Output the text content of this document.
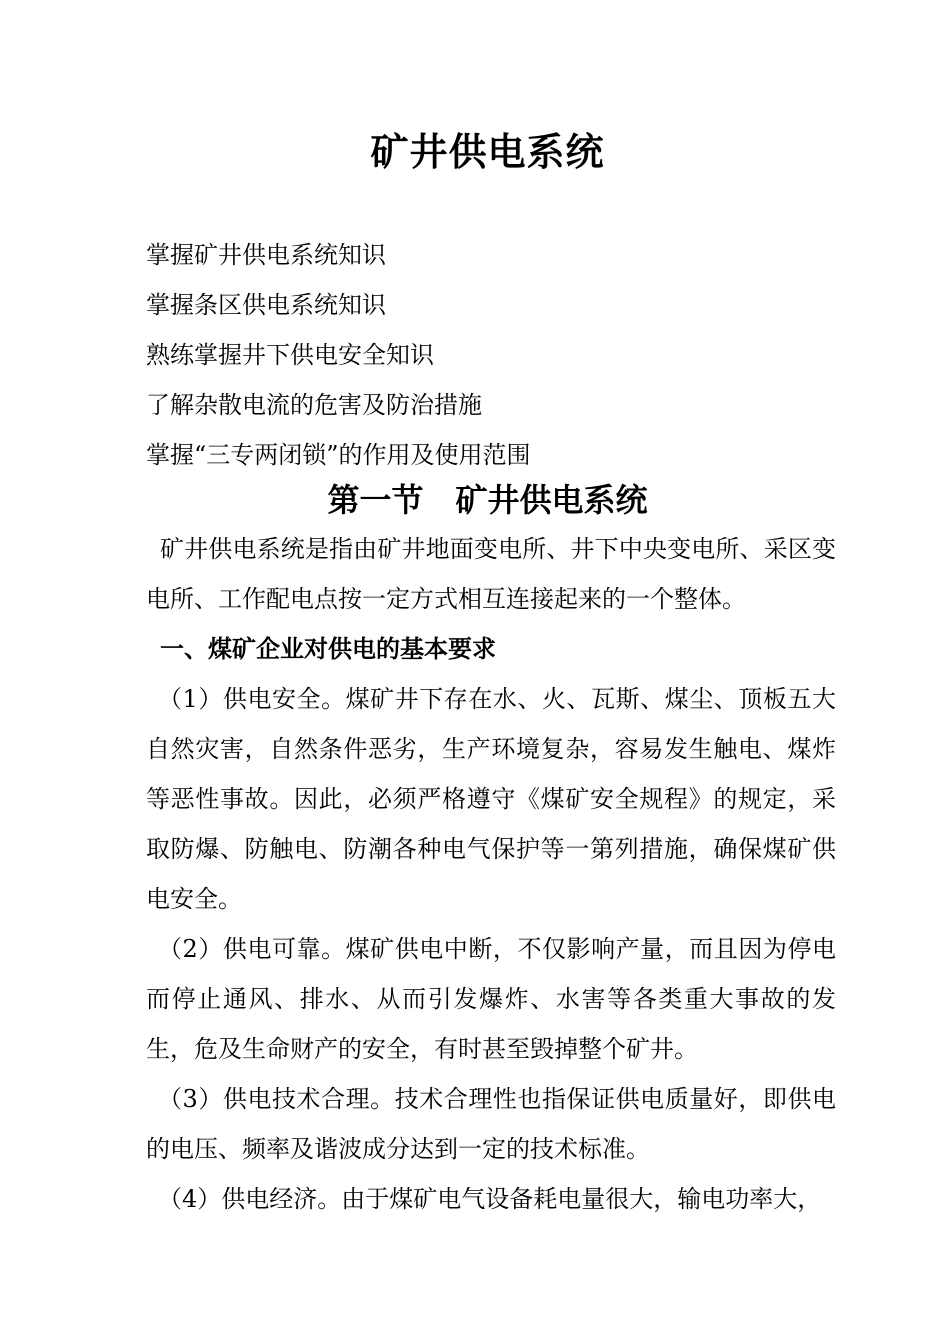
矿井供电系统
掌握矿井供电系统知识
掌握条区供电系统知识
熟练掌握井下供电安全知识
了解杂散电流的危害及防治措施
掌握“三专两闭锁”的作用及使用范围
第一节　矿井供电系统

矿井供电系统是指由矿井地面变电所、井下中央变电所、采区变电所、工作配电点按一定方式相互连接起来的一个整体。

一、煤矿企业对供电的基本要求

（1）供电安全。煤矿井下存在水、火、瓦斯、煤尘、顶板五大自然灾害，自然条件恶劣，生产环境复杂，容易发生触电、煤炸等恶性事故。因此，必须严格遵守《煤矿安全规程》的规定，采取防爆、防触电、防潮各种电气保护等一第列措施，确保煤矿供电安全。

（2）供电可靠。煤矿供电中断，不仅影响产量，而且因为停电而停止通风、排水、从而引发爆炸、水害等各类重大事故的发生，危及生命财产的安全，有时甚至毁掉整个矿井。

（3）供电技术合理。技术合理性也指保证供电质量好，即供电的电压、频率及谐波成分达到一定的技术标准。

（4）供电经济。由于煤矿电气设备耗电量很大，输电功率大，
